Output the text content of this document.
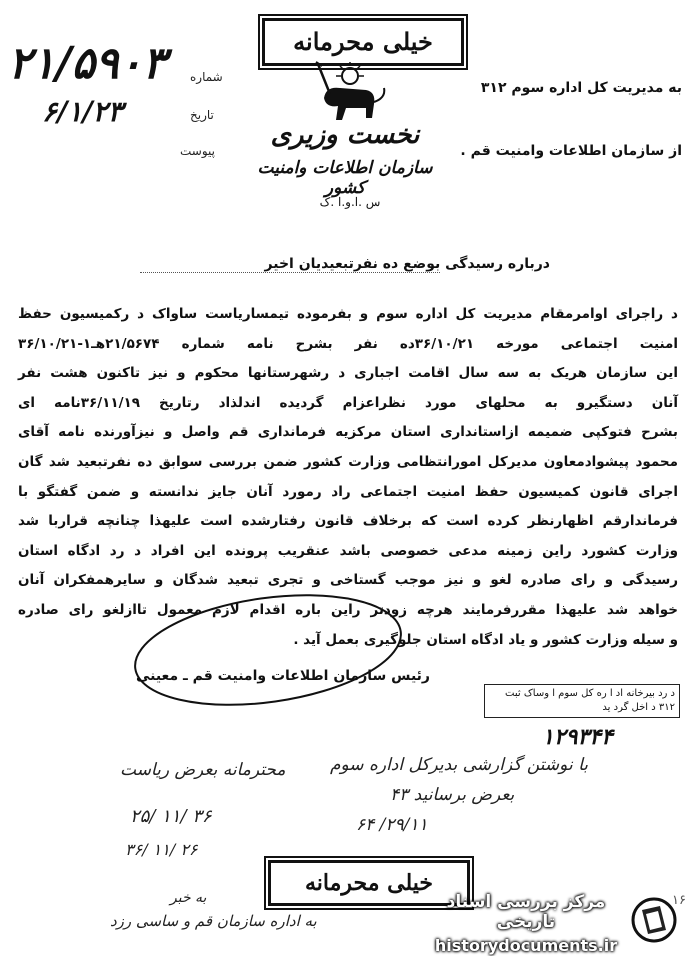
خیلی محرمانه
۲۱/۵۹۰۳
۶/۱/۲۳
شماره
تاریخ
پیوست
نخست وزیری
سازمان اطلاعات وامنیت کشور
س .ا.و.ا .ک
به مدیریت کل اداره سوم ۳۱۲
از سازمان اطلاعات وامنیت قم .
درباره رسیدگی بوضع ده نفرتبعیدیان اخیر
د راجرای اوامرمقام مدیریت کل اداره سوم و بفرموده تیمساریاست ساواک د رکمیسیون حفظ
امنیت اجتماعی مورخه ۳۶/۱۰/۲۱ده نفر بشرح نامه شماره ۲۱/۵۶۷۴هـ۱-۳۶/۱۰/۲۱
این سازمان هریک به سه سال اقامت اجباری د رشهرستانها محکوم و نیز تاکنون هشت نفر
آنان دستگیرو به محلهای مورد نظراعزام گردیده اندلذاد رتاریخ ۳۶/۱۱/۱۹نامه ای
بشرح فتوکپی ضمیمه ازاستانداری استان مرکزیه فرمانداری قم واصل و نیزآورنده نامه آقای
محمود پیشوادمعاون مدیرکل امورانتظامی وزارت کشور ضمن بررسی سوابق ده نفرتبعید شد گان
اجرای قانون کمیسیون حفظ امنیت اجتماعی راد رمورد آنان جایز ندانسته و ضمن گفتگو با
فرماندارقم اظهارنظر کرده است که برخلاف قانون رفتارشده است علیهذا چنانچه قراربا شد
وزارت کشورد راین زمینه مدعی خصوصی باشد عنقریب پرونده این افراد د رد ادگاه استان
رسیدگی و رای صادره لغو و نیز موجب گستاخی و تجری تبعید شدگان و سایرهمفکران آنان
خواهد شد علیهذا مقررفرمایند هرچه زودتر راین باره اقدام لازم معمول تاازلغو رای صادره
و سیله وزارت کشور و یاد ادگاه استان جلوگیری بعمل آید .
رئیس سازمان اطلاعات وامنیت قم ـ معینی
د رد بیرخانه اد ا ره کل سوم ا وساک ثبت
۳۱۲ د اخل گرد ید
۱۲۹۳۴۴
با نوشتن گزارشی بدیرکل اداره سوم
بعرض برسانید ۴۳
محترمانه بعرض ریاست
۲۹/۱۱/ ۶۴
۲۵/ ۱۱/ ۳۶
۳۶/ ۱۱/ ۲۶
به خبر
به اداره سازمان قم و ساسی رزد
خیلی محرمانه
۱۶
مرکز بررسی اسناد تاریخی
historydocuments.ir
